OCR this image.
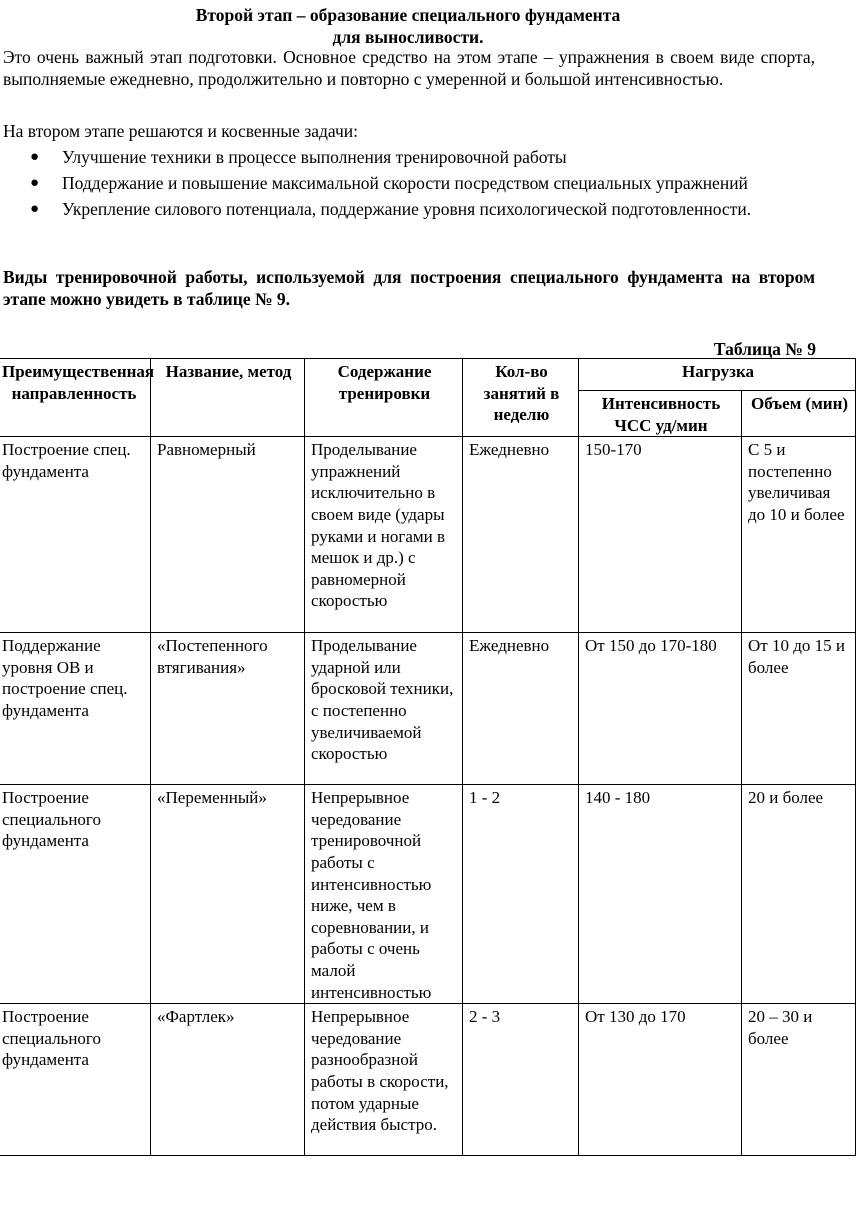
Второй этап – образование специального фундамента
для выносливости.
Это очень важный этап подготовки. Основное средство на этом этапе – упражнения в своем виде спорта, выполняемые ежедневно, продолжительно и повторно с умеренной и большой интенсивностью.
На втором этапе решаются и косвенные задачи:
● Улучшение техники в процессе выполнения тренировочной работы
● Поддержание и повышение максимальной скорости посредством специальных упражнений
● Укрепление силового потенциала, поддержание уровня психологической подготовленности.
Виды тренировочной работы, используемой для построения специального фундамента на втором этапе можно увидеть в таблице № 9.
Таблица № 9
Преимущественная направленность	Название, метод	Содержание тренировки	Кол-во занятий в неделю	Нагрузка	
				Интенсивность ЧСС уд/мин	Объем (мин)
Построение спец. фундамента	Равномерный	Проделывание упражнений исключительно в своем виде (удары руками и ногами в мешок и др.) с равномерной скоростью	Ежедневно	150-170	С 5 и постепенно увеличивая до 10 и более
Поддержание уровня ОВ и построение спец. фундамента	«Постепенного втягивания»	Проделывание ударной или бросковой техники, с постепенно увеличиваемой скоростью	Ежедневно	От 150 до 170-180	От 10 до 15 и более
Построение специального фундамента	«Переменный»	Непрерывное чередование тренировочной работы с интенсивностью ниже, чем в соревновании, и работы с очень малой интенсивностью	1 - 2	140 - 180	20 и более
Построение специального фундамента	«Фартлек»	Непрерывное чередование разнообразной работы в скорости, потом ударные действия быстро.	2 - 3	От 130 до 170	20 – 30 и более
